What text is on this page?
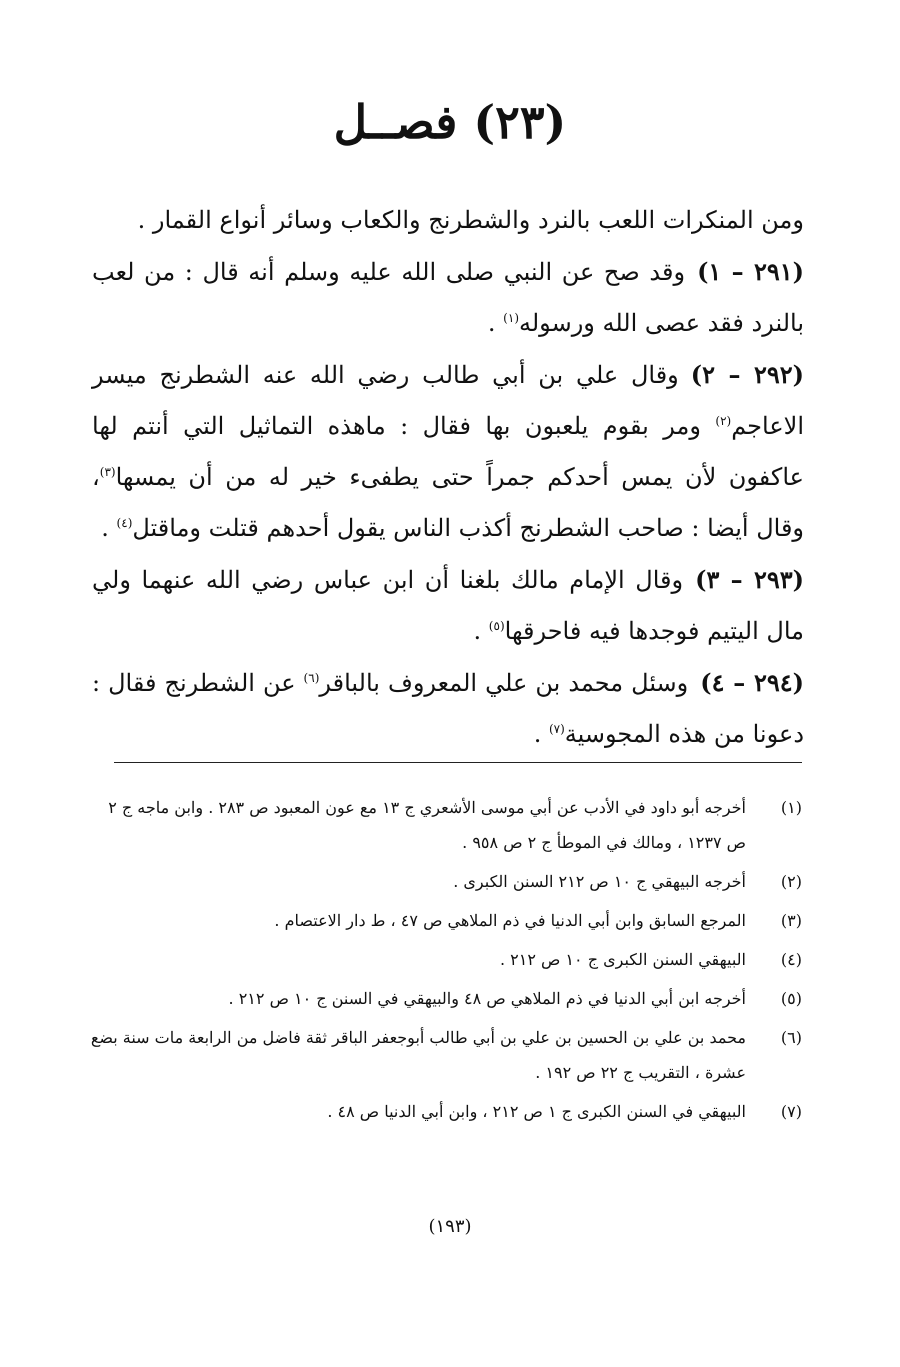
(٢٣) فصــل

ومن المنكرات اللعب بالنرد والشطرنج والكعاب وسائر أنواع القمار .

(٢٩١ – ١)وقد صح عن النبي صلى الله عليه وسلم أنه قال : من لعب بالنرد فقد عصى الله ورسوله$^{(١)}$ .

(٢٩٢ – ٢)وقال علي بن أبي طالب رضي الله عنه الشطرنج ميسر الاعاجم$^{(٢)}$ ومر بقوم يلعبون بها فقال : ماهذه التماثيل التي أنتم لها عاكفون لأن يمس أحدكم جمراً حتى يطفىء خير له من أن يمسها$^{(٣)}$، وقال أيضا : صاحب الشطرنج أكذب الناس يقول أحدهم قتلت وماقتل$^{(٤)}$ .

(٢٩٣ – ٣)وقال الإمام مالك بلغنا أن ابن عباس رضي الله عنهما ولي مال اليتيم فوجدها فيه فاحرقها$^{(٥)}$ .

(٢٩٤ – ٤)وسئل محمد بن علي المعروف بالباقر$^{(٦)}$ عن الشطرنج فقال : دعونا من هذه المجوسية$^{(٧)}$ .

(١)
أخرجه أبو داود في الأدب عن أبي موسى الأشعري ج ١٣ مع عون المعبود ص ٢٨٣ . وابن ماجه ج ٢ ص ١٢٣٧ ، ومالك في الموطأ ج ٢ ص ٩٥٨ .
(٢)
أخرجه البيهقي ج ١٠ ص ٢١٢ السنن الكبرى .
(٣)
المرجع السابق وابن أبي الدنيا في ذم الملاهي ص ٤٧ ، ط دار الاعتصام .
(٤)
البيهقي السنن الكبرى ج ١٠ ص ٢١٢ .
(٥)
أخرجه ابن أبي الدنيا في ذم الملاهي ص ٤٨ والبيهقي في السنن ج ١٠ ص ٢١٢ .
(٦)
محمد بن علي بن الحسين بن علي بن أبي طالب أبوجعفر الباقر ثقة فاضل من الرابعة مات سنة بضع عشرة ، التقريب ج ٢٢ ص ١٩٢ .
(٧)
البيهقي في السنن الكبرى ج ١ ص ٢١٢ ، وابن أبي الدنيا ص ٤٨ .
(١٩٣)
